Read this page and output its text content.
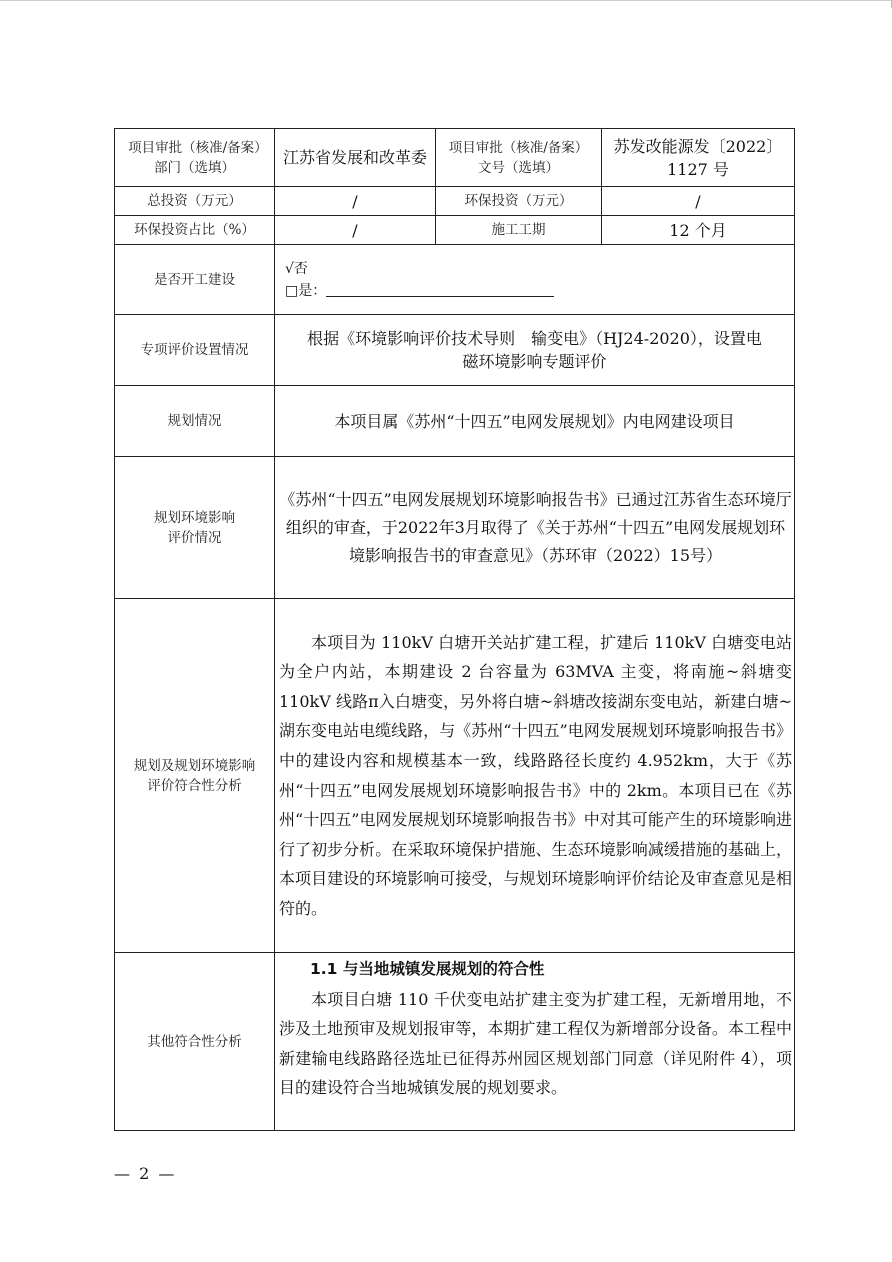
项目审批（核准/备案）部门（选填）	江苏省发展和改革委	项目审批（核准/备案）文号（选填）	苏发改能源发〔2022〕1127 号
总投资（万元）	/	环保投资（万元）	/
环保投资占比（%）	/	施工工期	12 个月
是否开工建设	√否
□是：		

专项评价设置情况	根据《环境影响评价技术导则　输变电》（HJ24-2020），设置电
磁环境影响专题评价		

规划情况	本项目属《苏州“十四五”电网发展规划》内电网建设项目		

规划环境影响
评价情况	《苏州“十四五”电网发展规划环境影响报告书》已通过江苏省生态环境厅组织的审查，于2022年3月取得了《关于苏州“十四五”电网发展规划环境影响报告书的审查意见》（苏环审（2022）15号）		

规划及规划环境影响
评价符合性分析	本项目为 110kV 白塘开关站扩建工程，扩建后 110kV 白塘变电站为全户内站，本期建设 2 台容量为 63MVA 主变，将南施~斜塘变 110kV 线路π入白塘变，另外将白塘~斜塘改接湖东变电站，新建白塘~湖东变电站电缆线路，与《苏州“十四五”电网发展规划环境影响报告书》中的建设内容和规模基本一致，线路路径长度约 4.952km，大于《苏州“十四五”电网发展规划环境影响报告书》中的 2km。本项目已在《苏州“十四五”电网发展规划环境影响报告书》中对其可能产生的环境影响进行了初步分析。在采取环境保护措施、生态环境影响减缓措施的基础上，本项目建设的环境影响可接受，与规划环境影响评价结论及审查意见是相符的。		

其他符合性分析	1.1 与当地城镇发展规划的符合性

本项目白塘 110 千伏变电站扩建主变为扩建工程，无新增用地，不涉及土地预审及规划报审等，本期扩建工程仅为新增部分设备。本工程中新建输电线路路径选址已征得苏州园区规划部门同意（详见附件 4），项目的建设符合当地城镇发展的规划要求。		

— 2 —
